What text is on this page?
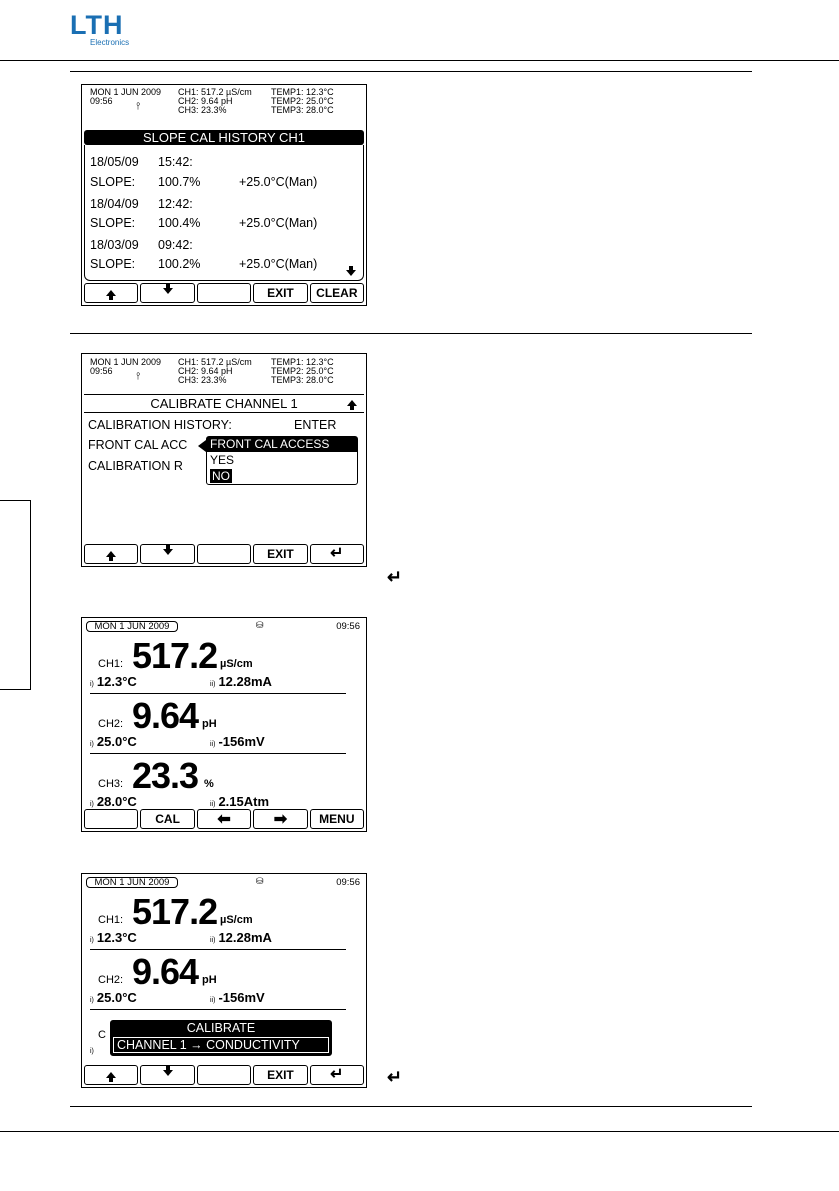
LTH
Electronics
MON 1 JUN 2009
09:56
CH1: 517.2 µS/cm
CH2: 9.64 pH
CH3: 23.3%
TEMP1: 12.3°C
TEMP2: 25.0°C
TEMP3: 28.0°C
⫯
SLOPE CAL HISTORY CH1
18/05/09 15:42:
SLOPE: 100.7%	+25.0°C(Man)
18/04/09 12:42:
SLOPE: 100.4%	+25.0°C(Man)
18/03/09 09:42:
SLOPE: 100.2%	+25.0°C(Man)
EXIT	CLEAR
MON 1 JUN 2009
09:56
CH1: 517.2 µS/cm
CH2: 9.64 pH
CH3: 23.3%
TEMP1: 12.3°C
TEMP2: 25.0°C
TEMP3: 28.0°C
⫯
CALIBRATE CHANNEL 1
CALIBRATION HISTORY:	ENTER
FRONT CAL ACC
CALIBRATION R
FRONT CAL ACCESS
YES
NO
EXIT	↵
↵
MON 1 JUN 2009	⛁	09:56
CH1: 517.2 µS/cm
i) 12.3°C	ii) 12.28mA
CH2: 9.64 pH
i) 25.0°C	ii) -156mV
CH3: 23.3 %
i) 28.0°C	ii) 2.15Atm
CAL	⬅	➡	MENU
MON 1 JUN 2009	⛁	09:56
CH1: 517.2 µS/cm
i) 12.3°C	ii) 12.28mA
CH2: 9.64 pH
i) 25.0°C	ii) -156mV
C
i)
CALIBRATE
CHANNEL 1 → CONDUCTIVITY
EXIT	↵ ↵
